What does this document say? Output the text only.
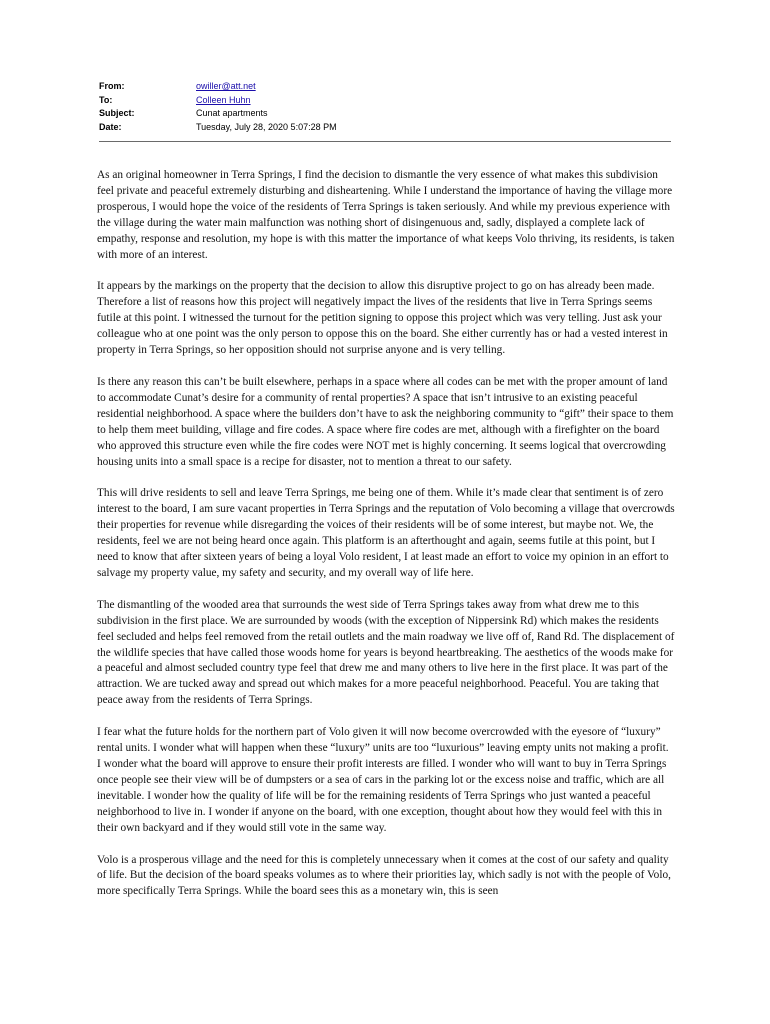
From:	owiller@att.net
To:	Colleen Huhn
Subject:	Cunat apartments
Date:	Tuesday, July 28, 2020 5:07:28 PM

As an original homeowner in Terra Springs, I find the decision to dismantle the very essence of what makes this subdivision feel private and peaceful extremely disturbing and disheartening. While I understand the importance of having the village more prosperous, I would hope the voice of the residents of Terra Springs is taken seriously. And while my previous experience with the village during the water main malfunction was nothing short of disingenuous and, sadly, displayed a complete lack of empathy, response and resolution, my hope is with this matter the importance of what keeps Volo thriving, its residents, is taken with more of an interest.

It appears by the markings on the property that the decision to allow this disruptive project to go on has already been made. Therefore a list of reasons how this project will negatively impact the lives of the residents that live in Terra Springs seems futile at this point. I witnessed the turnout for the petition signing to oppose this project which was very telling. Just ask your colleague who at one point was the only person to oppose this on the board. She either currently has or had a vested interest in property in Terra Springs, so her opposition should not surprise anyone and is very telling.

Is there any reason this can’t be built elsewhere, perhaps in a space where all codes can be met with the proper amount of land to accommodate Cunat’s desire for a community of rental properties? A space that isn’t intrusive to an existing peaceful residential neighborhood. A space where the builders don’t have to ask the neighboring community to “gift” their space to them to help them meet building, village and fire codes. A space where fire codes are met, although with a firefighter on the board who approved this structure even while the fire codes were NOT met is highly concerning. It seems logical that overcrowding housing units into a small space is a recipe for disaster, not to mention a threat to our safety.

This will drive residents to sell and leave Terra Springs, me being one of them. While it’s made clear that sentiment is of zero interest to the board, I am sure vacant properties in Terra Springs and the reputation of Volo becoming a village that overcrowds their properties for revenue while disregarding the voices of their residents will be of some interest, but maybe not. We, the residents, feel we are not being heard once again. This platform is an afterthought and again, seems futile at this point, but I need to know that after sixteen years of being a loyal Volo resident, I at least made an effort to voice my opinion in an effort to salvage my property value, my safety and security, and my overall way of life here.

The dismantling of the wooded area that surrounds the west side of Terra Springs takes away from what drew me to this subdivision in the first place. We are surrounded by woods (with the exception of Nippersink Rd) which makes the residents feel secluded and helps feel removed from the retail outlets and the main roadway we live off of, Rand Rd. The displacement of the wildlife species that have called those woods home for years is beyond heartbreaking. The aesthetics of the woods make for a peaceful and almost secluded country type feel that drew me and many others to live here in the first place. It was part of the attraction. We are tucked away and spread out which makes for a more peaceful neighborhood. Peaceful. You are taking that peace away from the residents of Terra Springs.

I fear what the future holds for the northern part of Volo given it will now become overcrowded with the eyesore of “luxury” rental units. I wonder what will happen when these “luxury” units are too “luxurious” leaving empty units not making a profit. I wonder what the board will approve to ensure their profit interests are filled. I wonder who will want to buy in Terra Springs once people see their view will be of dumpsters or a sea of cars in the parking lot or the excess noise and traffic, which are all inevitable. I wonder how the quality of life will be for the remaining residents of Terra Springs who just wanted a peaceful neighborhood to live in. I wonder if anyone on the board, with one exception, thought about how they would feel with this in their own backyard and if they would still vote in the same way.

Volo is a prosperous village and the need for this is completely unnecessary when it comes at the cost of our safety and quality of life. But the decision of the board speaks volumes as to where their priorities lay, which sadly is not with the people of Volo, more specifically Terra Springs. While the board sees this as a monetary win, this is seen
